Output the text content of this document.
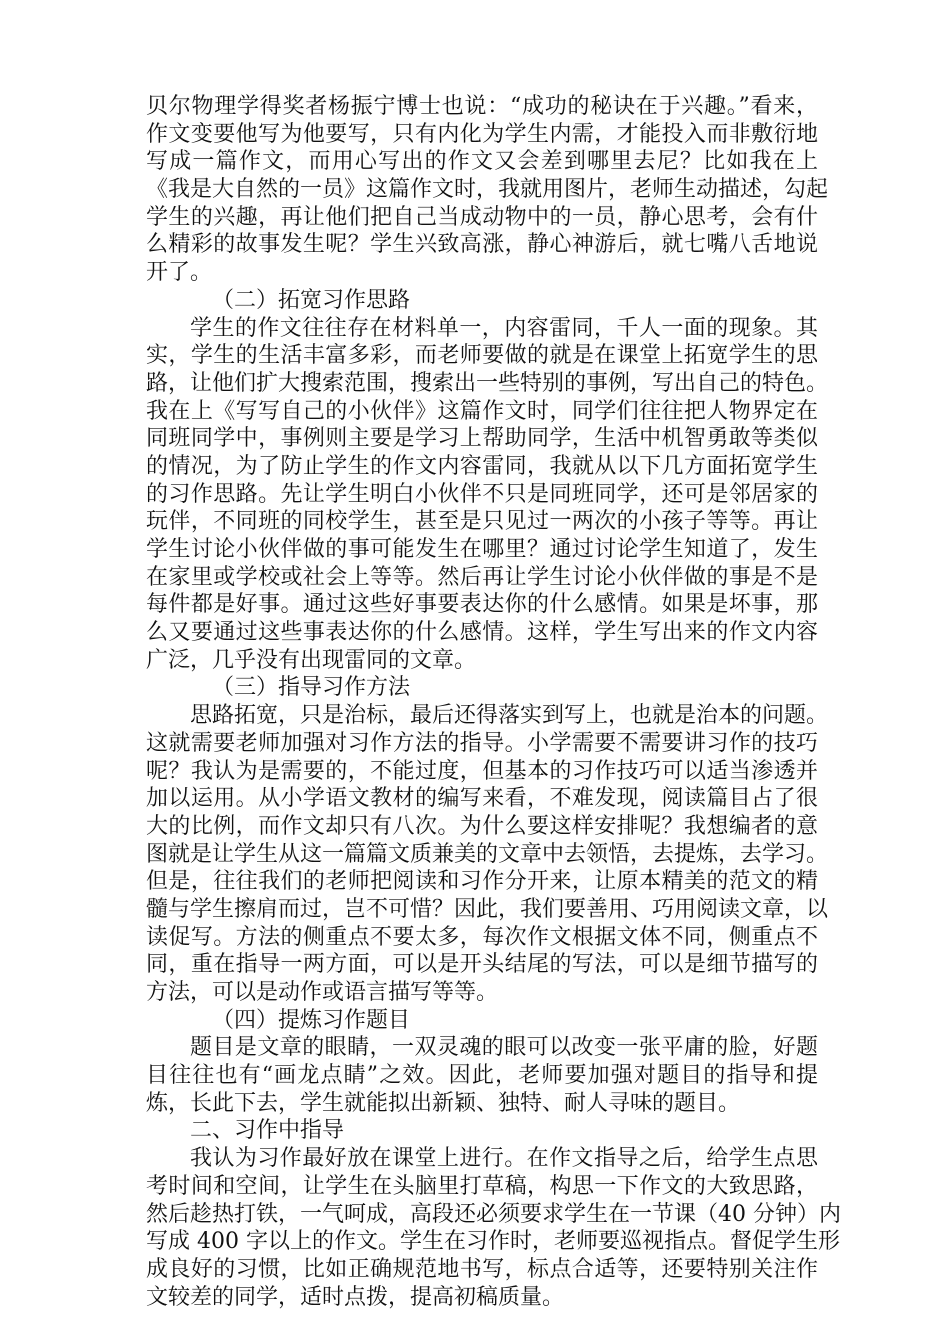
贝尔物理学得奖者杨振宁博士也说：“成功的秘诀在于兴趣。”看来，
作文变要他写为他要写，只有内化为学生内需，才能投入而非敷衍地
写成一篇作文，而用心写出的作文又会差到哪里去尼？比如我在上
《我是大自然的一员》这篇作文时，我就用图片，老师生动描述，勾起
学生的兴趣，再让他们把自己当成动物中的一员，静心思考，会有什
么精彩的故事发生呢？学生兴致高涨，静心神游后，就七嘴八舌地说
开了。
（二）拓宽习作思路
学生的作文往往存在材料单一，内容雷同，千人一面的现象。其
实，学生的生活丰富多彩，而老师要做的就是在课堂上拓宽学生的思
路，让他们扩大搜索范围，搜索出一些特别的事例，写出自己的特色。
我在上《写写自己的小伙伴》这篇作文时，同学们往往把人物界定在
同班同学中，事例则主要是学习上帮助同学，生活中机智勇敢等类似
的情况，为了防止学生的作文内容雷同，我就从以下几方面拓宽学生
的习作思路。先让学生明白小伙伴不只是同班同学，还可是邻居家的
玩伴，不同班的同校学生，甚至是只见过一两次的小孩子等等。再让
学生讨论小伙伴做的事可能发生在哪里？通过讨论学生知道了，发生
在家里或学校或社会上等等。然后再让学生讨论小伙伴做的事是不是
每件都是好事。通过这些好事要表达你的什么感情。如果是坏事，那
么又要通过这些事表达你的什么感情。这样，学生写出来的作文内容
广泛，几乎没有出现雷同的文章。
（三）指导习作方法
思路拓宽，只是治标，最后还得落实到写上，也就是治本的问题。
这就需要老师加强对习作方法的指导。小学需要不需要讲习作的技巧
呢？我认为是需要的，不能过度，但基本的习作技巧可以适当渗透并
加以运用。从小学语文教材的编写来看，不难发现，阅读篇目占了很
大的比例，而作文却只有八次。为什么要这样安排呢？我想编者的意
图就是让学生从这一篇篇文质兼美的文章中去领悟，去提炼，去学习。
但是，往往我们的老师把阅读和习作分开来，让原本精美的范文的精
髓与学生擦肩而过，岂不可惜？因此，我们要善用、巧用阅读文章，以
读促写。方法的侧重点不要太多，每次作文根据文体不同，侧重点不
同，重在指导一两方面，可以是开头结尾的写法，可以是细节描写的
方法，可以是动作或语言描写等等。
（四）提炼习作题目
题目是文章的眼睛，一双灵魂的眼可以改变一张平庸的脸，好题
目往往也有“画龙点睛”之效。因此，老师要加强对题目的指导和提
炼，长此下去，学生就能拟出新颖、独特、耐人寻味的题目。
二、习作中指导
我认为习作最好放在课堂上进行。在作文指导之后，给学生点思
考时间和空间，让学生在头脑里打草稿，构思一下作文的大致思路，
然后趁热打铁，一气呵成，高段还必须要求学生在一节课（40 分钟）内
写成 400 字以上的作文。学生在习作时，老师要巡视指点。督促学生形
成良好的习惯，比如正确规范地书写，标点合适等，还要特别关注作
文较差的同学，适时点拨，提高初稿质量。
